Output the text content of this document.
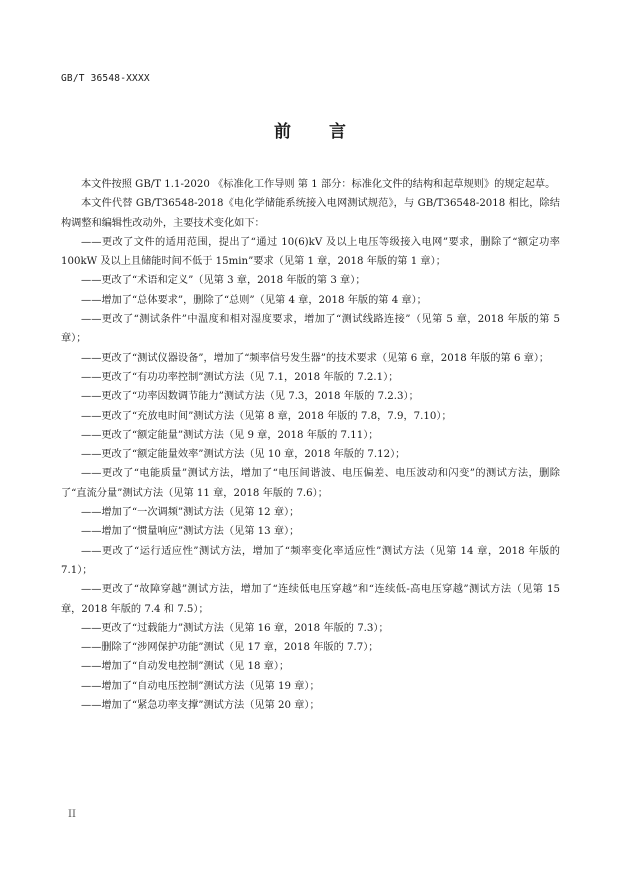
GB/T 36548-XXXX
前 言

本文件按照 GB/T 1.1-2020 《标准化工作导则 第 1 部分：标准化文件的结构和起草规则》的规定起草。

本文件代替 GB/T36548-2018《电化学储能系统接入电网测试规范》，与 GB/T36548-2018 相比，除结构调整和编辑性改动外，主要技术变化如下：

——更改了文件的适用范围，提出了“通过 10(6)kV 及以上电压等级接入电网”要求，删除了“额定功率 100kW 及以上且储能时间不低于 15min”要求（见第 1 章，2018 年版的第 1 章）；

——更改了“术语和定义”（见第 3 章，2018 年版的第 3 章）；

——增加了“总体要求”，删除了“总则”（见第 4 章，2018 年版的第 4 章）；

——更改了“测试条件”中温度和相对湿度要求，增加了“测试线路连接”（见第 5 章，2018 年版的第 5 章）；

——更改了“测试仪器设备”，增加了“频率信号发生器”的技术要求（见第 6 章，2018 年版的第 6 章）；

——更改了“有功功率控制”测试方法（见 7.1，2018 年版的 7.2.1）；

——更改了“功率因数调节能力”测试方法（见 7.3，2018 年版的 7.2.3）；

——更改了“充放电时间”测试方法（见第 8 章，2018 年版的 7.8，7.9，7.10）；

——更改了“额定能量”测试方法（见 9 章，2018 年版的 7.11）；

——更改了“额定能量效率”测试方法（见 10 章，2018 年版的 7.12）；

——更改了“电能质量”测试方法，增加了“电压间谐波、电压偏差、电压波动和闪变”的测试方法，删除了“直流分量”测试方法（见第 11 章，2018 年版的 7.6）；

——增加了“一次调频”测试方法（见第 12 章）；

——增加了“惯量响应”测试方法（见第 13 章）；

——更改了“运行适应性”测试方法，增加了“频率变化率适应性”测试方法（见第 14 章，2018 年版的 7.1）；

——更改了“故障穿越”测试方法，增加了“连续低电压穿越”和“连续低-高电压穿越”测试方法（见第 15 章，2018 年版的 7.4 和 7.5）；

——更改了“过载能力”测试方法（见第 16 章，2018 年版的 7.3）；

——删除了“涉网保护功能”测试（见 17 章，2018 年版的 7.7）；

——增加了“自动发电控制”测试（见 18 章）；

——增加了“自动电压控制”测试方法（见第 19 章）；

——增加了“紧急功率支撑”测试方法（见第 20 章）；

II
